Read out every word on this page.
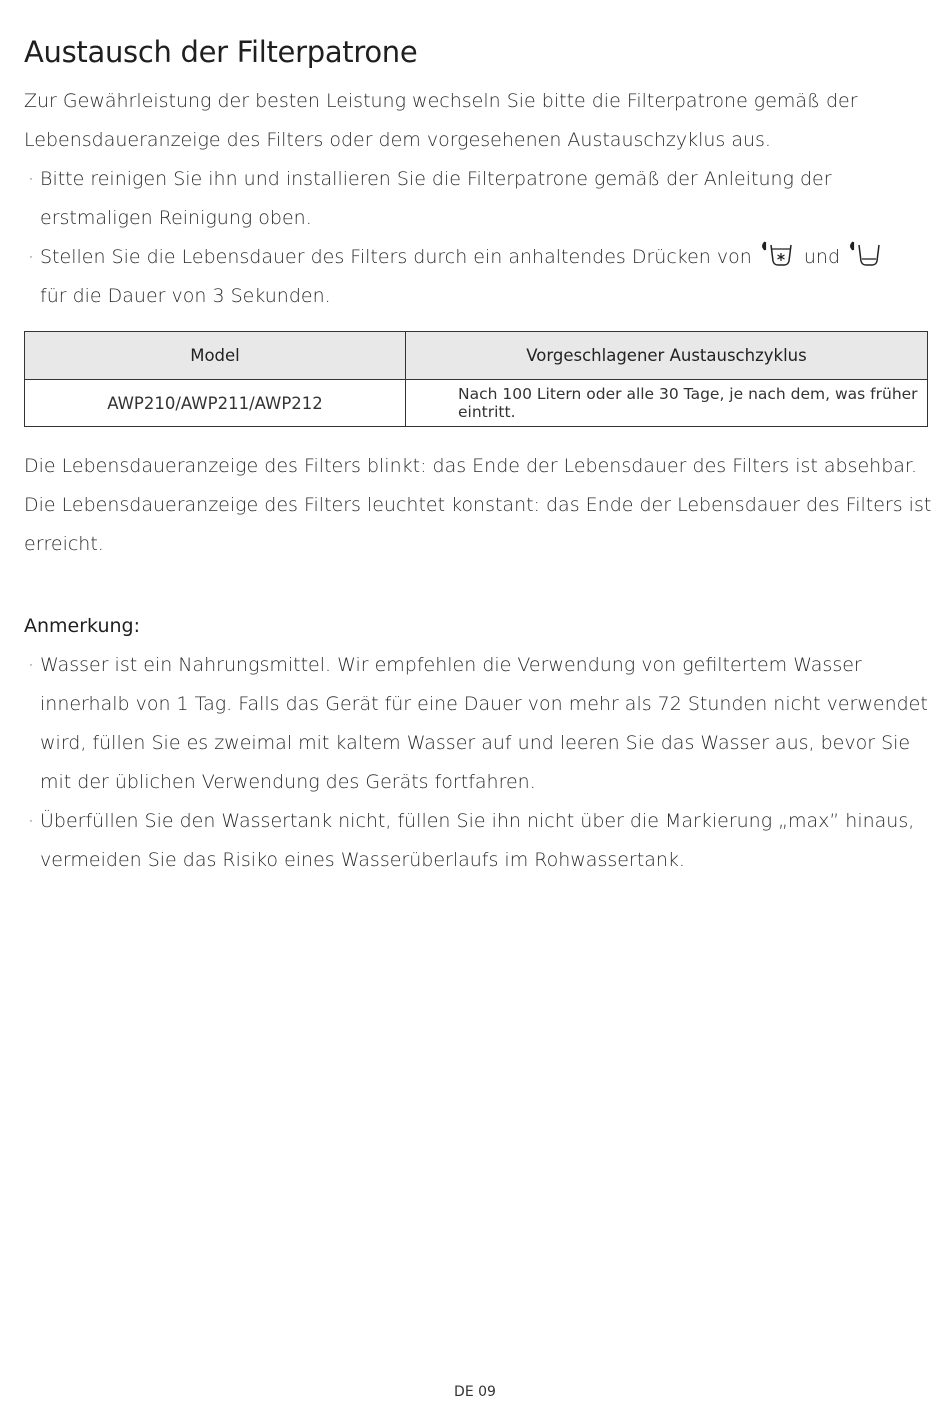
Austausch der Filterpatrone

Zur Gewährleistung der besten Leistung wechseln Sie bitte die Filterpatrone gemäß der Lebensdaueranzeige des Filters oder dem vorgesehenen Austauschzyklus aus.

· Bitte reinigen Sie ihn und installieren Sie die Filterpatrone gemäß der Anleitung der erstmaligen Reinigung oben.
· Stellen Sie die Lebensdauer des Filters durch ein anhaltendes Drücken von	und
für die Dauer von 3 Sekunden.
Model	Vorgeschlagener Austauschzyklus
AWP210/AWP211/AWP212	Nach 100 Litern oder alle 30 Tage, je nach dem, was früher eintritt.

Die Lebensdaueranzeige des Filters blinkt: das Ende der Lebensdauer des Filters ist absehbar.

Die Lebensdaueranzeige des Filters leuchtet konstant: das Ende der Lebensdauer des Filters ist erreicht.

Anmerkung:

· Wasser ist ein Nahrungsmittel. Wir empfehlen die Verwendung von gefiltertem Wasser innerhalb von 1 Tag. Falls das Gerät für eine Dauer von mehr als 72 Stunden nicht verwendet wird, füllen Sie es zweimal mit kaltem Wasser auf und leeren Sie das Wasser aus, bevor Sie mit der üblichen Verwendung des Geräts fortfahren.
· Überfüllen Sie den Wassertank nicht, füllen Sie ihn nicht über die Markierung „max” hinaus, vermeiden Sie das Risiko eines Wasserüberlaufs im Rohwassertank.
DE 09
